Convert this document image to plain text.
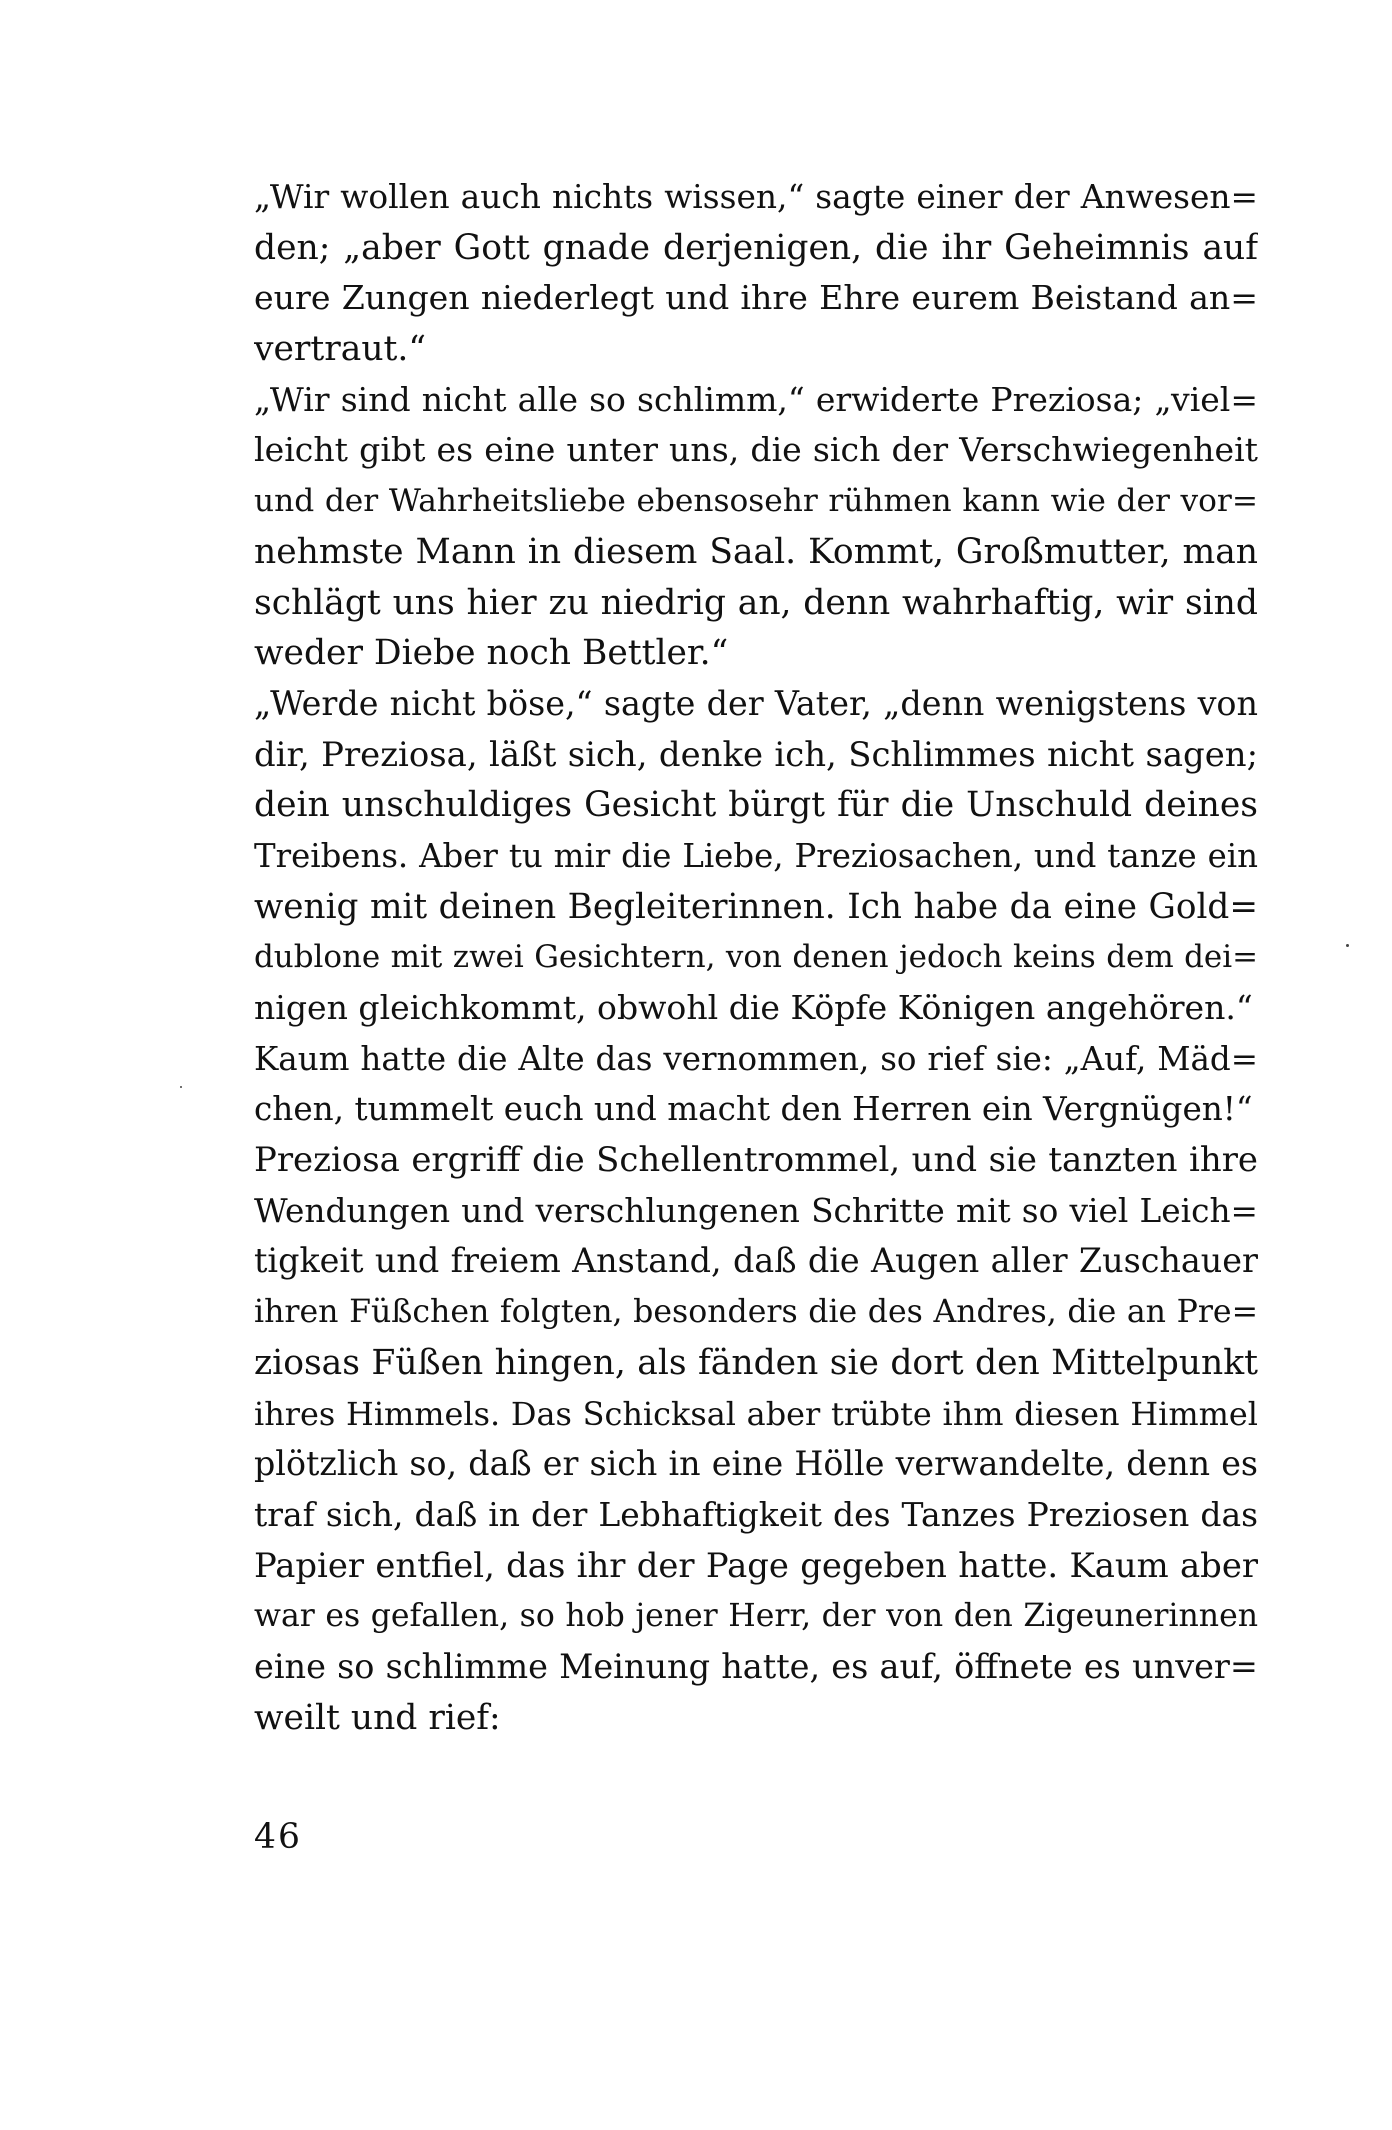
„Wir wollen auch nichts wissen,“ sagte einer der Anwesen=
den; „aber Gott gnade derjenigen, die ihr Geheimnis auf
eure Zungen niederlegt und ihre Ehre eurem Beistand an=
vertraut.“
„Wir sind nicht alle so schlimm,“ erwiderte Preziosa; „viel=
leicht gibt es eine unter uns, die sich der Verschwiegenheit
und der Wahrheitsliebe ebensosehr rühmen kann wie der vor=
nehmste Mann in diesem Saal. Kommt, Großmutter, man
schlägt uns hier zu niedrig an, denn wahrhaftig, wir sind
weder Diebe noch Bettler.“
„Werde nicht böse,“ sagte der Vater, „denn wenigstens von
dir, Preziosa, läßt sich, denke ich, Schlimmes nicht sagen;
dein unschuldiges Gesicht bürgt für die Unschuld deines
Treibens. Aber tu mir die Liebe, Preziosachen, und tanze ein
wenig mit deinen Begleiterinnen. Ich habe da eine Gold=
dublone mit zwei Gesichtern, von denen jedoch keins dem dei=
nigen gleichkommt, obwohl die Köpfe Königen angehören.“
Kaum hatte die Alte das vernommen, so rief sie: „Auf, Mäd=
chen, tummelt euch und macht den Herren ein Vergnügen!“
Preziosa ergriff die Schellentrommel, und sie tanzten ihre
Wendungen und verschlungenen Schritte mit so viel Leich=
tigkeit und freiem Anstand, daß die Augen aller Zuschauer
ihren Füßchen folgten, besonders die des Andres, die an Pre=
ziosas Füßen hingen, als fänden sie dort den Mittelpunkt
ihres Himmels. Das Schicksal aber trübte ihm diesen Himmel
plötzlich so, daß er sich in eine Hölle verwandelte, denn es
traf sich, daß in der Lebhaftigkeit des Tanzes Preziosen das
Papier entfiel, das ihr der Page gegeben hatte. Kaum aber
war es gefallen, so hob jener Herr, der von den Zigeunerinnen
eine so schlimme Meinung hatte, es auf, öffnete es unver=
weilt und rief:
46
